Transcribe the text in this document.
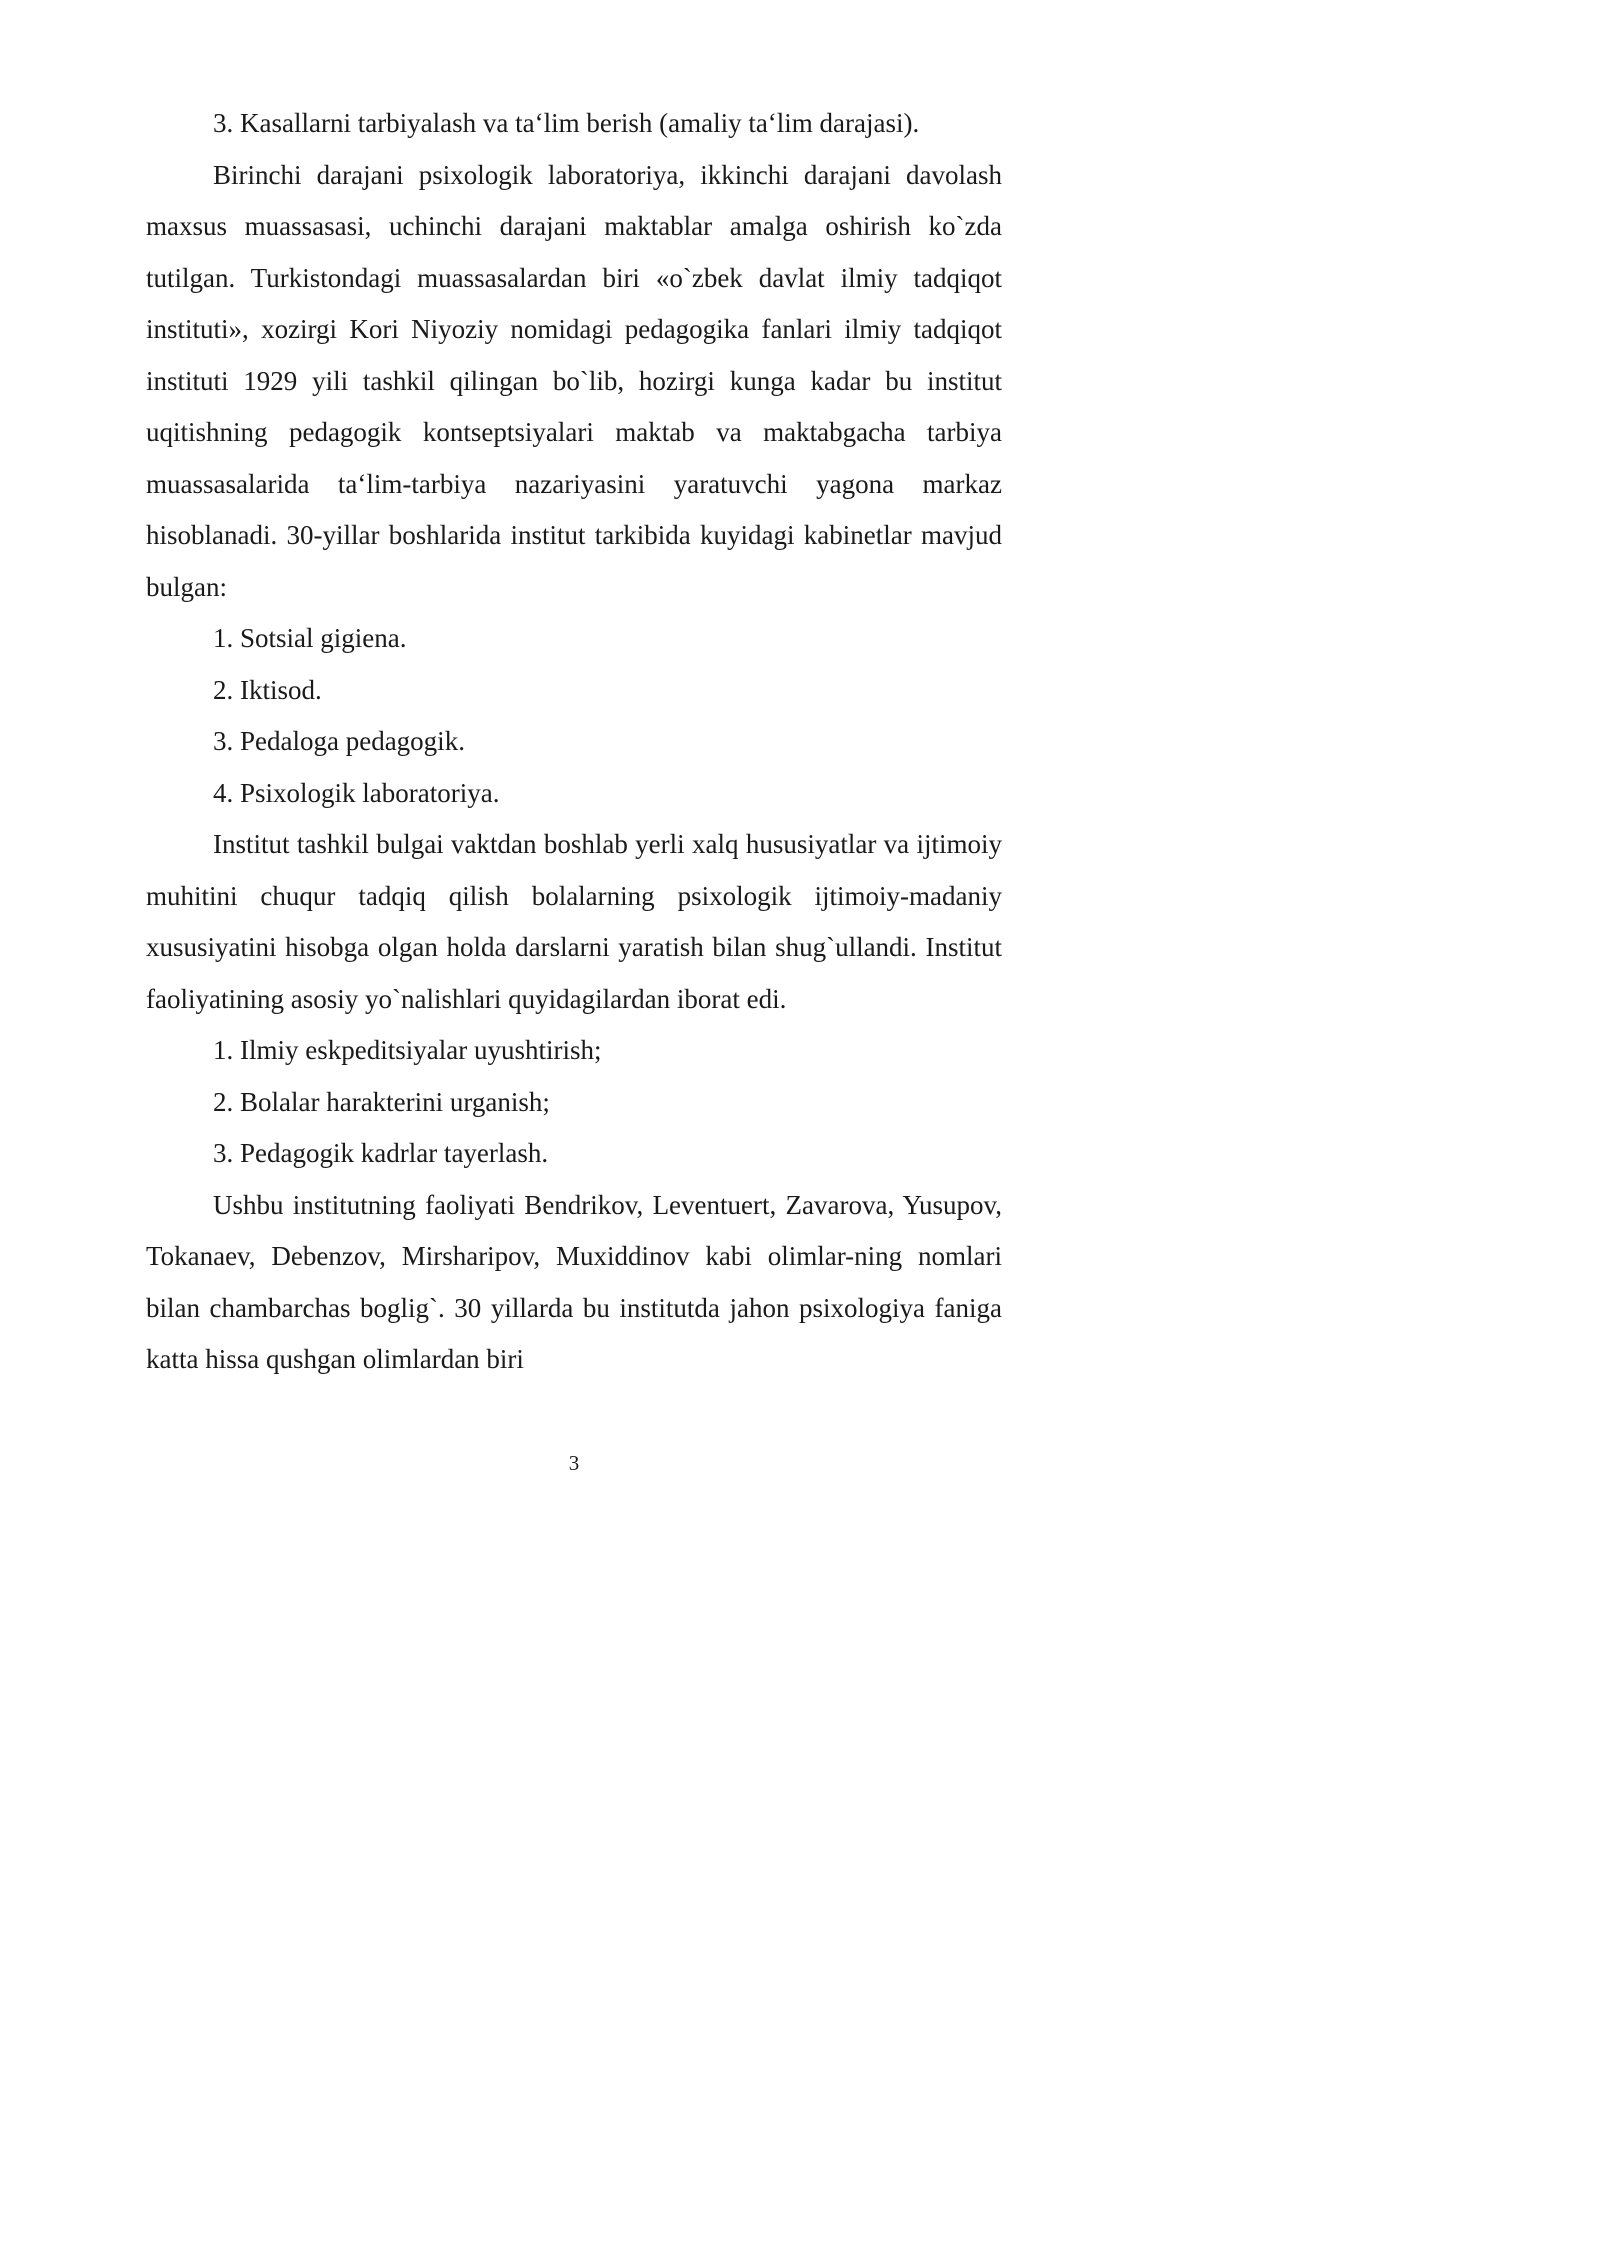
3. Kasallarni tarbiyalash va ta‘lim berish (amaliy ta‘lim darajasi).

Birinchi darajani psixologik laboratoriya, ikkinchi darajani davolash maxsus muassasasi, uchinchi darajani maktablar amalga oshirish ko`zda tutilgan. Turkistondagi muassasalardan biri «o`zbek davlat ilmiy tadqiqot instituti», xozirgi Kori Niyoziy nomidagi pedagogika fanlari ilmiy tadqiqot instituti 1929 yili tashkil qilingan bo`lib, hozirgi kunga kadar bu institut uqitishning pedagogik kontseptsiyalari maktab va maktabgacha tarbiya muassasalarida ta‘lim-tarbiya nazariyasini yaratuvchi yagona markaz hisoblanadi. 30-yillar boshlarida institut tarkibida kuyidagi kabinetlar mavjud bulgan:

1. Sotsial gigiena.

2. Iktisod.

3. Pedaloga pedagogik.

4. Psixologik laboratoriya.

Institut tashkil bulgai vaktdan boshlab yerli xalq hususiyatlar va ijtimoiy muhitini chuqur tadqiq qilish bolalarning psixologik ijtimoiy-madaniy xususiyatini hisobga olgan holda darslarni yaratish bilan shug`ullandi. Institut faoliyatining asosiy yo`nalishlari quyidagilardan iborat edi.

1. Ilmiy eskpeditsiyalar uyushtirish;

2. Bolalar harakterini urganish;

3. Pedagogik kadrlar tayerlash.

Ushbu institutning faoliyati Bendrikov, Leventuert, Zavarova, Yusupov, Tokanaev, Debenzov, Mirsharipov, Muxiddinov kabi olimlar-ning nomlari bilan chambarchas boglig`. 30 yillarda bu institutda jahon psixologiya faniga katta hissa qushgan olimlardan biri

3
